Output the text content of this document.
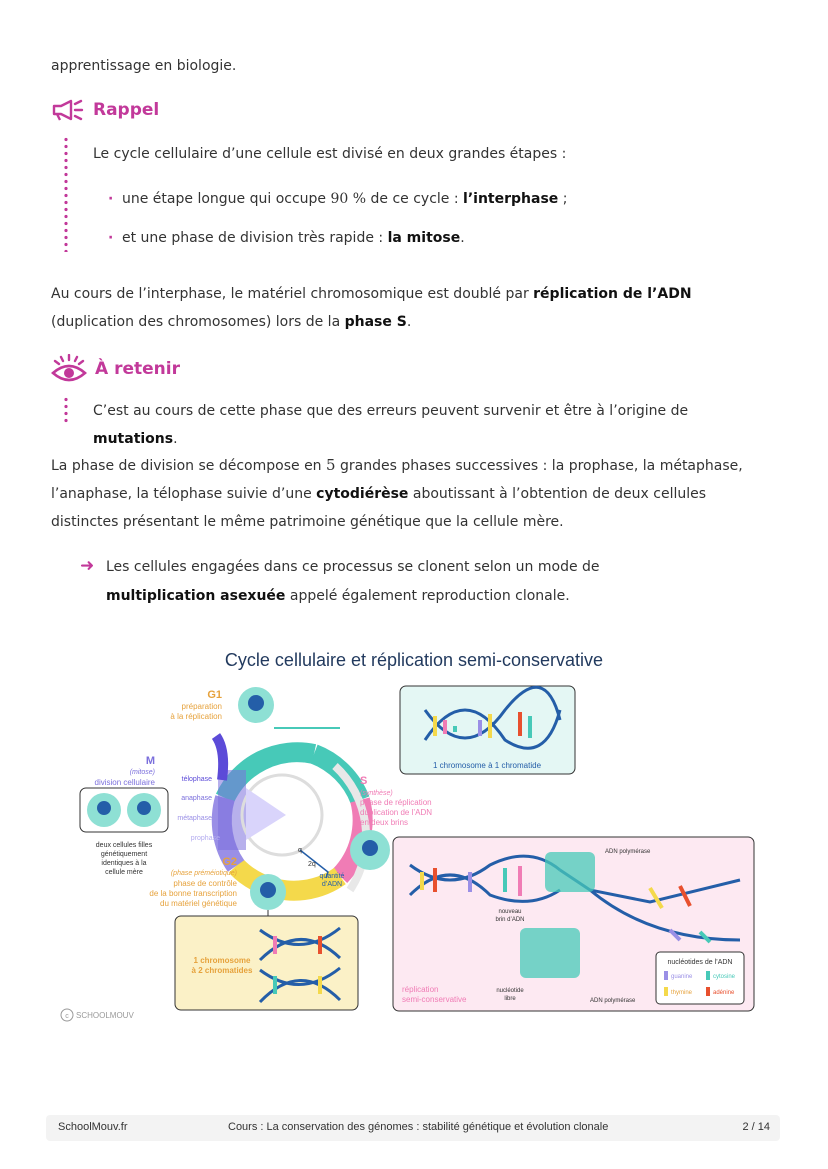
apprentissage en biologie.
Rappel
Le cycle cellulaire d’une cellule est divisé en deux grandes étapes :
· une étape longue qui occupe 90 % de ce cycle : l’interphase ;
· et une phase de division très rapide : la mitose.
Au cours de l’interphase, le matériel chromosomique est doublé par réplication de l’ADN (duplication des chromosomes) lors de la phase S.
À retenir
C’est au cours de cette phase que des erreurs peuvent survenir et être à l’origine de mutations.
La phase de division se décompose en 5 grandes phases successives : la prophase, la métaphase, l’anaphase, la télophase suivie d’une cytodiérèse aboutissant à l’obtention de deux cellules distinctes présentant le même patrimoine génétique que la cellule mère.
➜ Les cellules engagées dans ce processus se clonent selon un mode de multiplication asexuée appelé également reproduction clonale.
Cycle cellulaire et réplication semi-conservative
G1
préparation
à la réplication
M
(mitose)
division cellulaire	télophase
anaphase
métaphase
prophase
deux cellules filles
génétiquement
identiques à la
cellule mère
G2
(phase préméiotique)
phase de contrôle
de la bonne transcription
du matériel génétique
S
(synthèse)
phase de réplication
duplication de l’ADN
en deux brins
q
2q
quantité
d’ADN
1 chromosome à 1 chromatide
1 chromosome
à 2 chromatides
ADN polymérase
nouveau
brin d’ADN
nucléotide
libre	ADN polymérase
réplication
semi-conservative
nucléotides de l’ADN
guanine	cytosine
thymine	adénine
c SCHOOLMOUV
SchoolMouv.fr	Cours : La conservation des génomes : stabilité génétique et évolution clonale	2 / 14
